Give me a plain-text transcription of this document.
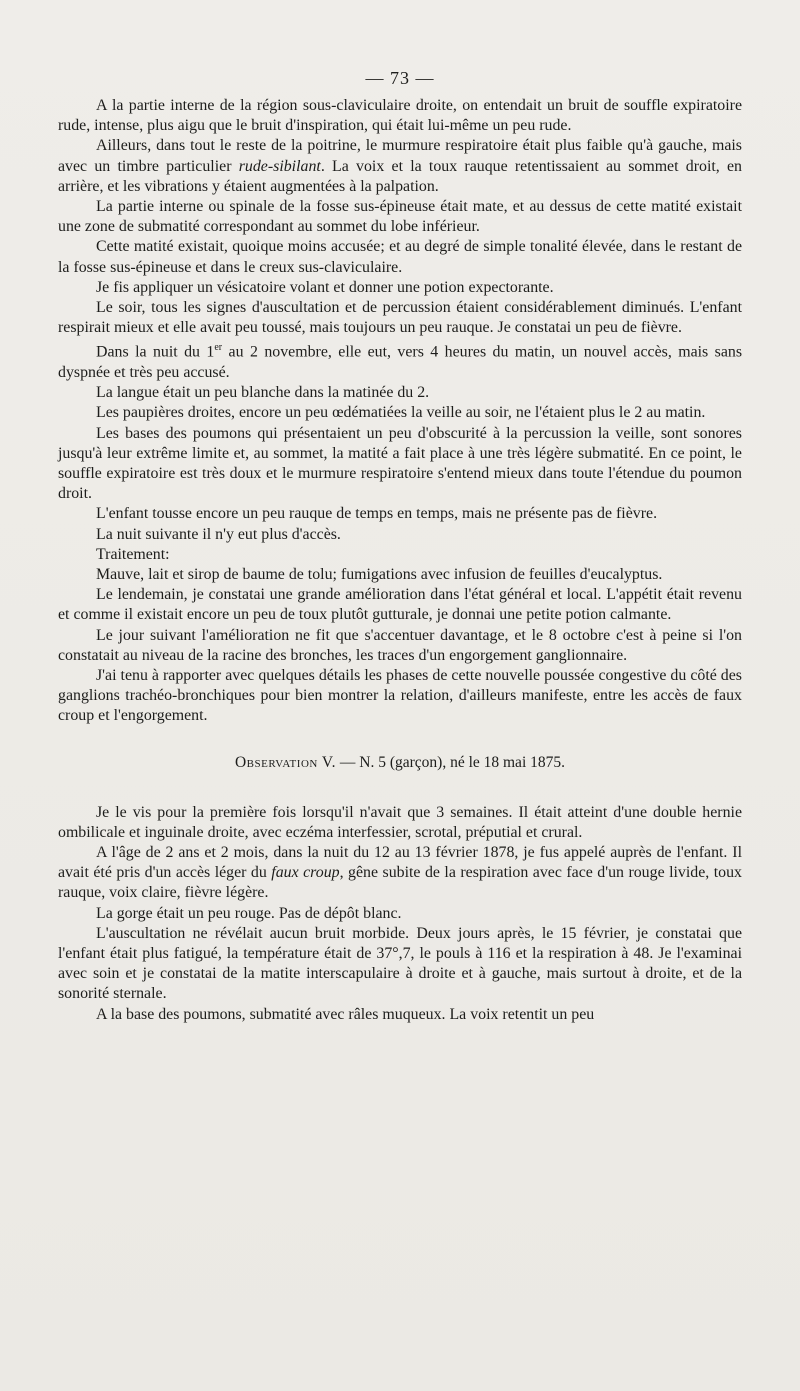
— 73 —

A la partie interne de la région sous-claviculaire droite, on entendait un bruit de souffle expiratoire rude, intense, plus aigu que le bruit d'inspiration, qui était lui-même un peu rude.

Ailleurs, dans tout le reste de la poitrine, le murmure respiratoire était plus faible qu'à gauche, mais avec un timbre particulier rude-sibilant. La voix et la toux rauque retentissaient au sommet droit, en arrière, et les vibrations y étaient augmentées à la palpation.

La partie interne ou spinale de la fosse sus-épineuse était mate, et au dessus de cette matité existait une zone de submatité correspondant au sommet du lobe inférieur.

Cette matité existait, quoique moins accusée; et au degré de simple tonalité élevée, dans le restant de la fosse sus-épineuse et dans le creux sus-claviculaire.

Je fis appliquer un vésicatoire volant et donner une potion expectorante.

Le soir, tous les signes d'auscultation et de percussion étaient considérablement diminués. L'enfant respirait mieux et elle avait peu toussé, mais toujours un peu rauque. Je constatai un peu de fièvre.

Dans la nuit du 1er au 2 novembre, elle eut, vers 4 heures du matin, un nouvel accès, mais sans dyspnée et très peu accusé.

La langue était un peu blanche dans la matinée du 2.

Les paupières droites, encore un peu œdématiées la veille au soir, ne l'étaient plus le 2 au matin.

Les bases des poumons qui présentaient un peu d'obscurité à la percussion la veille, sont sonores jusqu'à leur extrême limite et, au sommet, la matité a fait place à une très légère submatité. En ce point, le souffle expiratoire est très doux et le murmure respiratoire s'entend mieux dans toute l'étendue du poumon droit.

L'enfant tousse encore un peu rauque de temps en temps, mais ne présente pas de fièvre.

La nuit suivante il n'y eut plus d'accès.

Traitement:

Mauve, lait et sirop de baume de tolu; fumigations avec infusion de feuilles d'eucalyptus.

Le lendemain, je constatai une grande amélioration dans l'état général et local. L'appétit était revenu et comme il existait encore un peu de toux plutôt gutturale, je donnai une petite potion calmante.

Le jour suivant l'amélioration ne fit que s'accentuer davantage, et le 8 octobre c'est à peine si l'on constatait au niveau de la racine des bronches, les traces d'un engorgement ganglionnaire.

J'ai tenu à rapporter avec quelques détails les phases de cette nouvelle poussée congestive du côté des ganglions trachéo-bronchiques pour bien montrer la relation, d'ailleurs manifeste, entre les accès de faux croup et l'engorgement.

Observation V. — N. 5 (garçon), né le 18 mai 1875.

Je le vis pour la première fois lorsqu'il n'avait que 3 semaines. Il était atteint d'une double hernie ombilicale et inguinale droite, avec eczéma interfessier, scrotal, préputial et crural.

A l'âge de 2 ans et 2 mois, dans la nuit du 12 au 13 février 1878, je fus appelé auprès de l'enfant. Il avait été pris d'un accès léger du faux croup, gêne subite de la respiration avec face d'un rouge livide, toux rauque, voix claire, fièvre légère.

La gorge était un peu rouge. Pas de dépôt blanc.

L'auscultation ne révélait aucun bruit morbide. Deux jours après, le 15 février, je constatai que l'enfant était plus fatigué, la température était de 37°,7, le pouls à 116 et la respiration à 48. Je l'examinai avec soin et je constatai de la matite interscapulaire à droite et à gauche, mais surtout à droite, et de la sonorité sternale.

A la base des poumons, submatité avec râles muqueux. La voix retentit un peu
